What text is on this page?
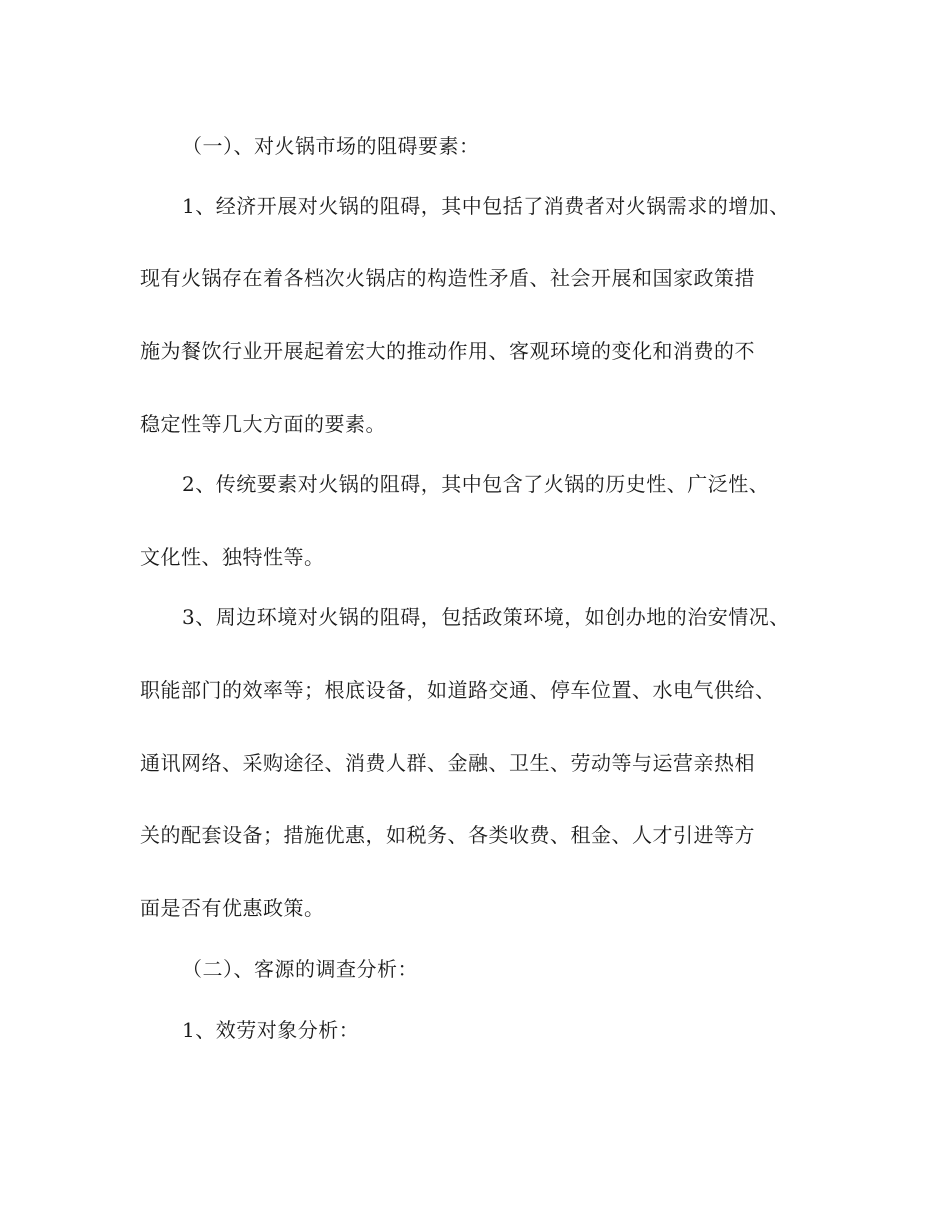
（一）、对火锅市场的阻碍要素：
1、经济开展对火锅的阻碍，其中包括了消费者对火锅需求的增加、
现有火锅存在着各档次火锅店的构造性矛盾、社会开展和国家政策措
施为餐饮行业开展起着宏大的推动作用、客观环境的变化和消费的不
稳定性等几大方面的要素。
2、传统要素对火锅的阻碍，其中包含了火锅的历史性、广泛性、
文化性、独特性等。
3、周边环境对火锅的阻碍，包括政策环境，如创办地的治安情况、
职能部门的效率等；根底设备，如道路交通、停车位置、水电气供给、
通讯网络、采购途径、消费人群、金融、卫生、劳动等与运营亲热相
关的配套设备；措施优惠，如税务、各类收费、租金、人才引进等方
面是否有优惠政策。
（二）、客源的调查分析：
1、效劳对象分析：
